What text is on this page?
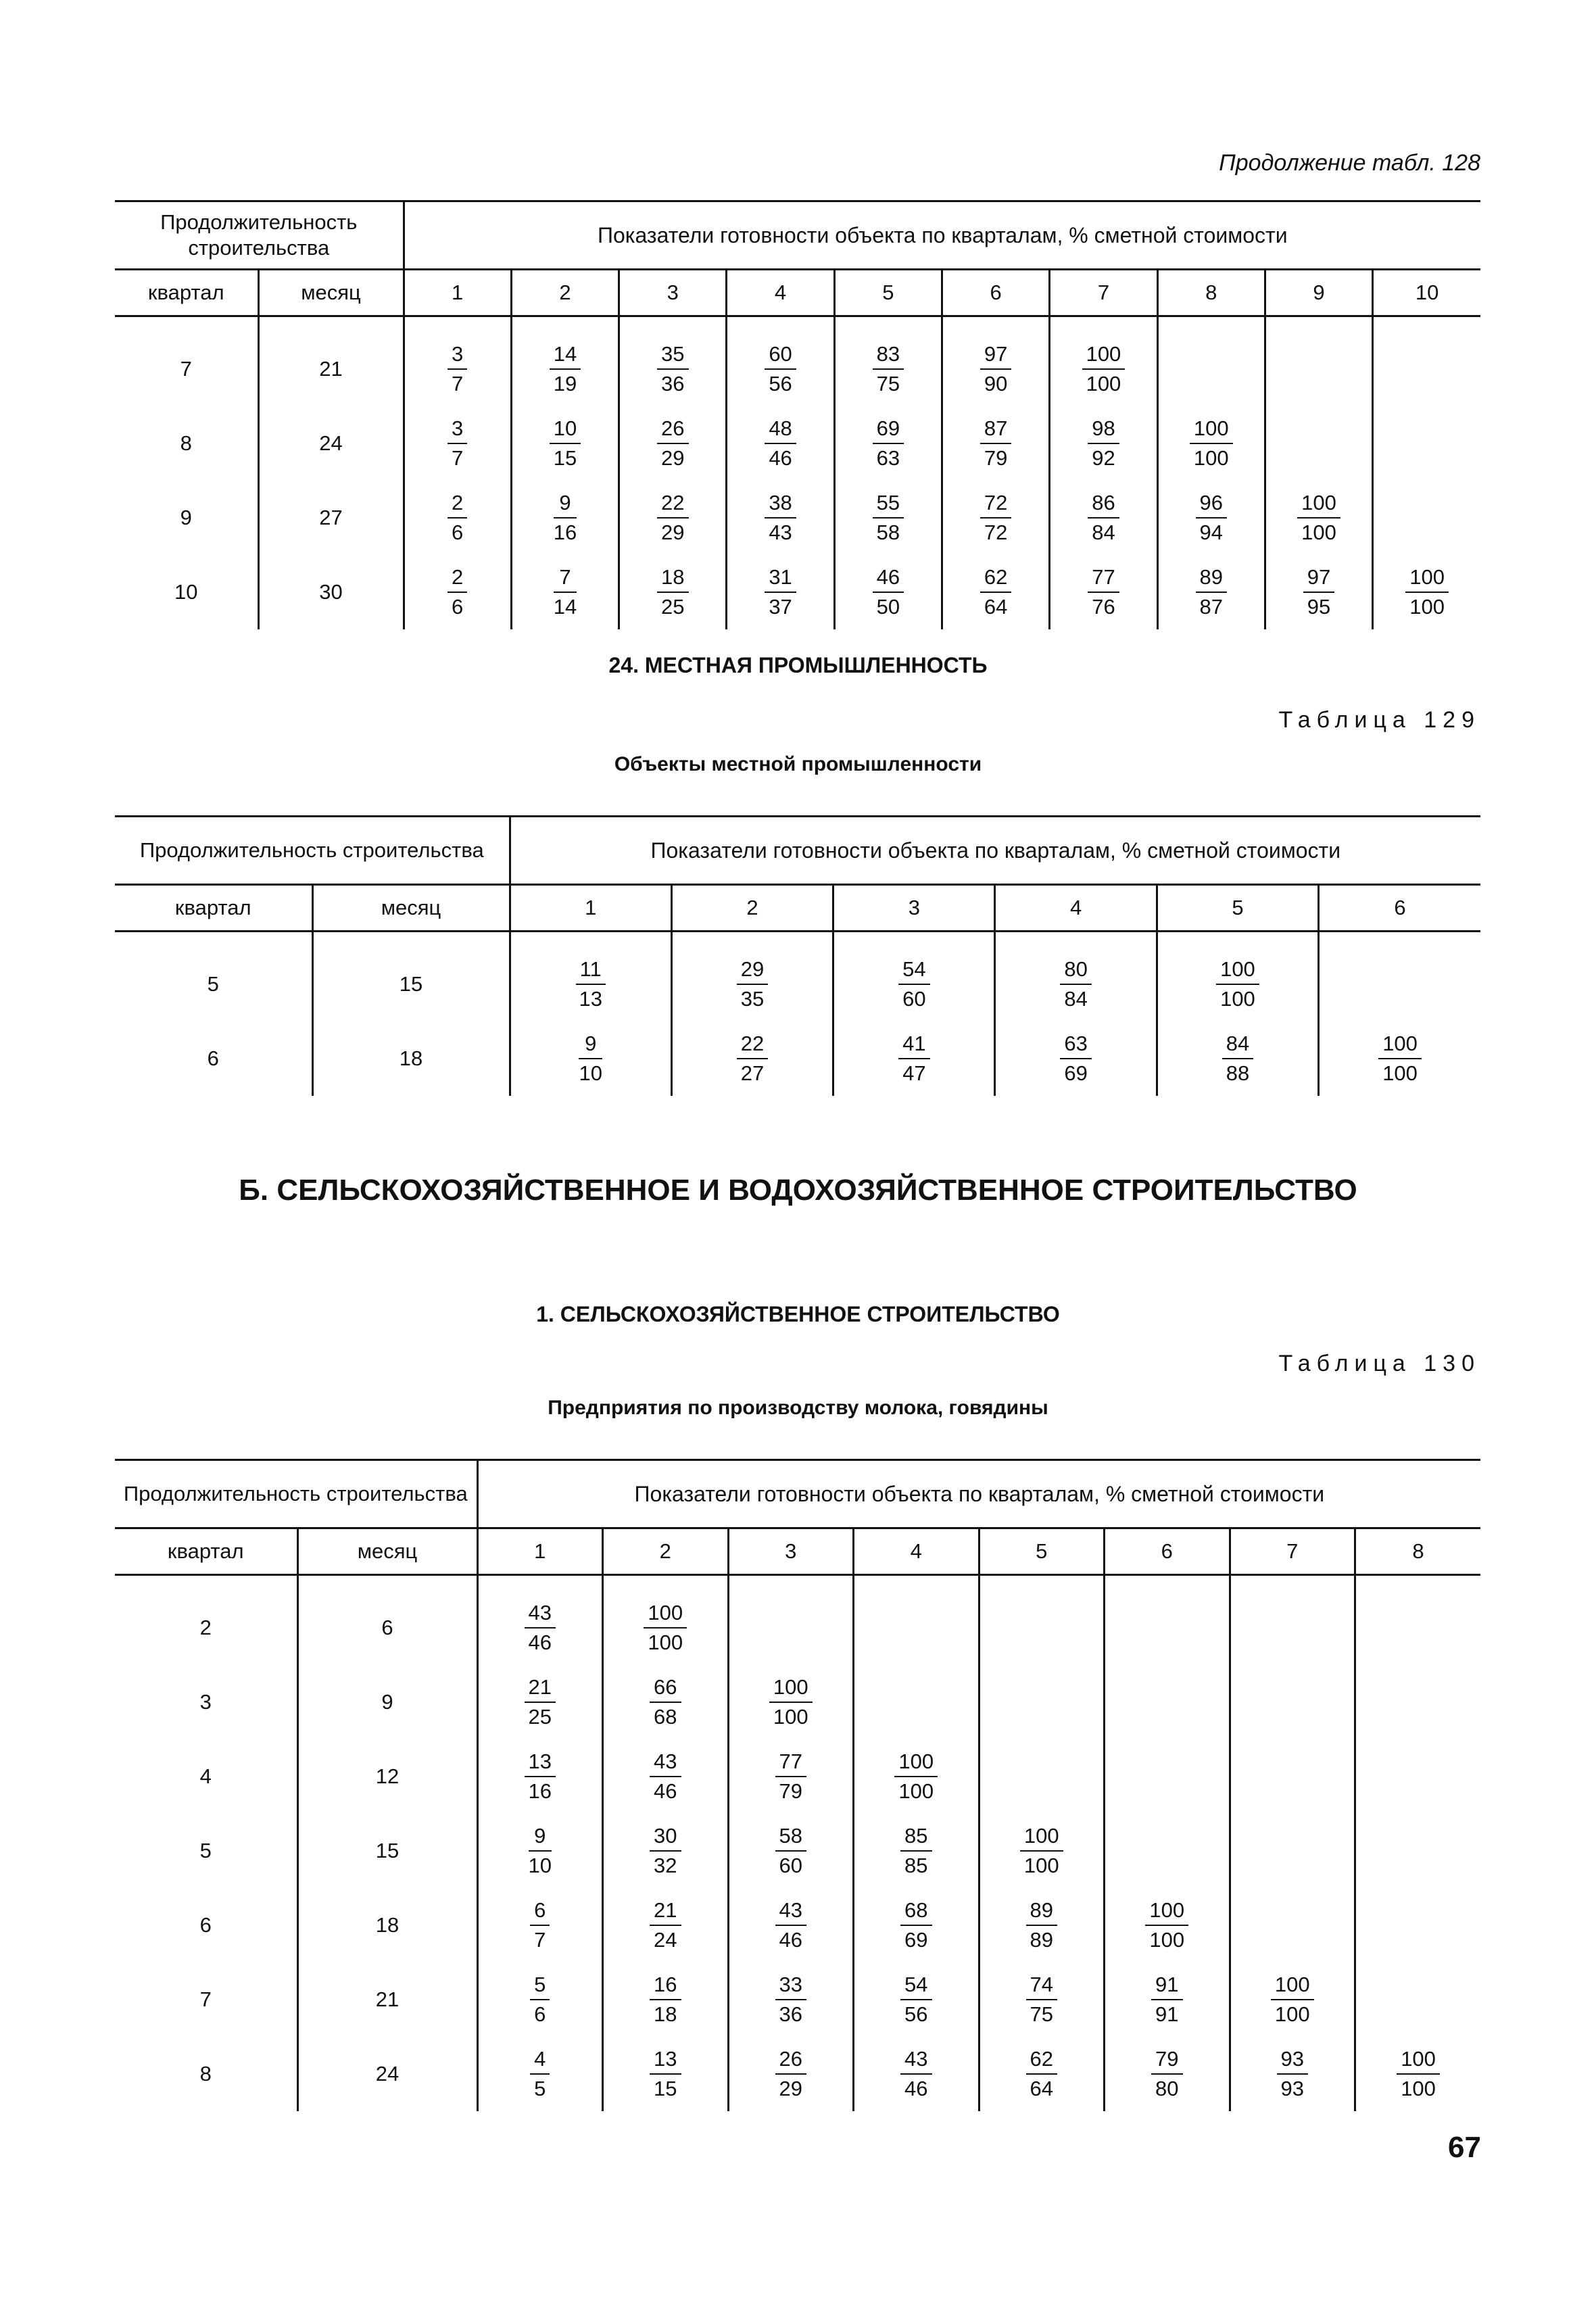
Продолжение табл. 128
Продолжительность строительства		Показатели готовности объекта по кварталам, % сметной стоимости									
квартал	месяц	1	2	3	4	5	6	7	8	9	10
7	21	$\frac{3}{7}$	$\frac{14}{19}$	$\frac{35}{36}$	$\frac{60}{56}$	$\frac{83}{75}$	$\frac{97}{90}$	$\frac{100}{100}$

8	24	$\frac{3}{7}$	$\frac{10}{15}$	$\frac{26}{29}$	$\frac{48}{46}$	$\frac{69}{63}$	$\frac{87}{79}$	$\frac{98}{92}$	$\frac{100}{100}$

9	27	$\frac{2}{6}$	$\frac{9}{16}$	$\frac{22}{29}$	$\frac{38}{43}$	$\frac{55}{58}$	$\frac{72}{72}$	$\frac{86}{84}$	$\frac{96}{94}$	$\frac{100}{100}$

10	30	$\frac{2}{6}$	$\frac{7}{14}$	$\frac{18}{25}$	$\frac{31}{37}$	$\frac{46}{50}$	$\frac{62}{64}$	$\frac{77}{76}$	$\frac{89}{87}$	$\frac{97}{95}$	$\frac{100}{100}$
24. МЕСТНАЯ ПРОМЫШЛЕННОСТЬ
Таблица 129
Объекты местной промышленности
Продолжительность строительства		Показатели готовности объекта по кварталам, % сметной стоимости					
квартал	месяц	1	2	3	4	5	6
5	15	$\frac{11}{13}$	$\frac{29}{35}$	$\frac{54}{60}$	$\frac{80}{84}$	$\frac{100}{100}$

6	18	$\frac{9}{10}$	$\frac{22}{27}$	$\frac{41}{47}$	$\frac{63}{69}$	$\frac{84}{88}$	$\frac{100}{100}$
Б. СЕЛЬСКОХОЗЯЙСТВЕННОЕ И ВОДОХОЗЯЙСТВЕННОЕ СТРОИТЕЛЬСТВО
1. СЕЛЬСКОХОЗЯЙСТВЕННОЕ СТРОИТЕЛЬСТВО
Таблица 130
Предприятия по производству молока, говядины
Продолжительность строительства		Показатели готовности объекта по кварталам, % сметной стоимости							
квартал	месяц	1	2	3	4	5	6	7	8
2	6	$\frac{43}{46}$	$\frac{100}{100}$

3	9	$\frac{21}{25}$	$\frac{66}{68}$	$\frac{100}{100}$

4	12	$\frac{13}{16}$	$\frac{43}{46}$	$\frac{77}{79}$	$\frac{100}{100}$

5	15	$\frac{9}{10}$	$\frac{30}{32}$	$\frac{58}{60}$	$\frac{85}{85}$	$\frac{100}{100}$

6	18	$\frac{6}{7}$	$\frac{21}{24}$	$\frac{43}{46}$	$\frac{68}{69}$	$\frac{89}{89}$	$\frac{100}{100}$

7	21	$\frac{5}{6}$	$\frac{16}{18}$	$\frac{33}{36}$	$\frac{54}{56}$	$\frac{74}{75}$	$\frac{91}{91}$	$\frac{100}{100}$

8	24	$\frac{4}{5}$	$\frac{13}{15}$	$\frac{26}{29}$	$\frac{43}{46}$	$\frac{62}{64}$	$\frac{79}{80}$	$\frac{93}{93}$	$\frac{100}{100}$
67
